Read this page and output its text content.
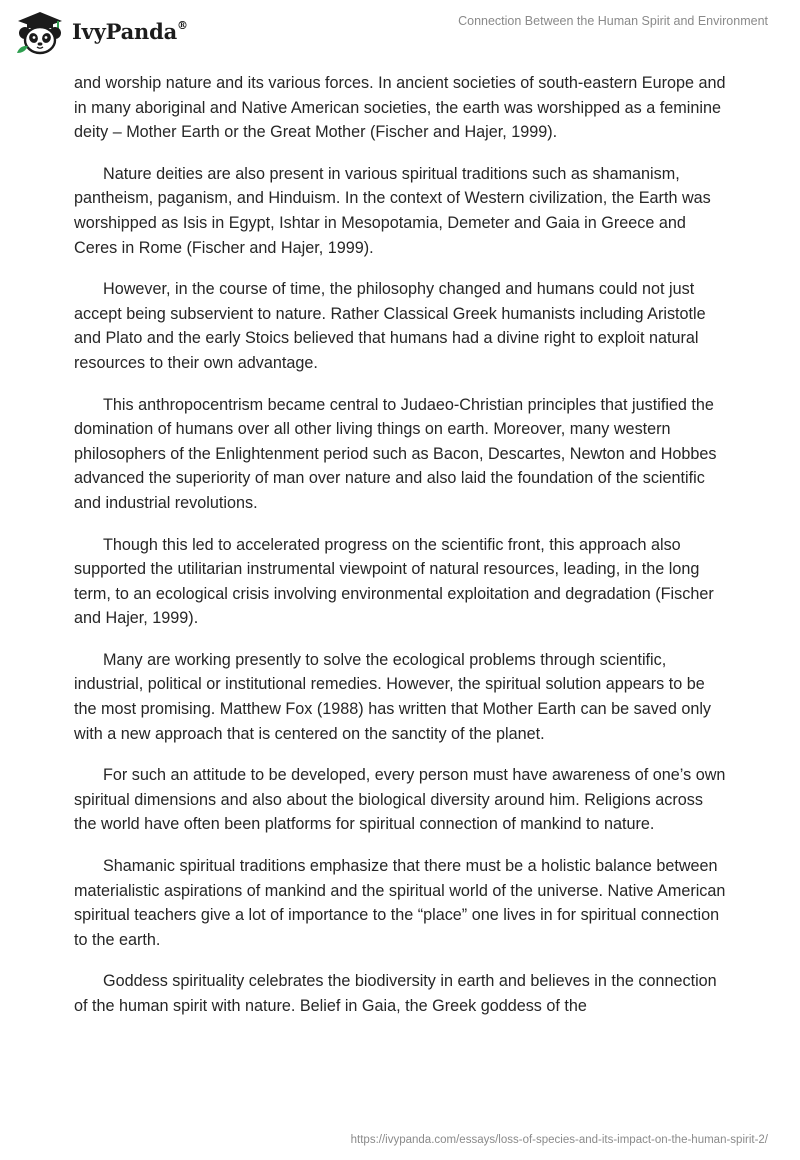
IvyPanda®	Connection Between the Human Spirit and Environment

and worship nature and its various forces. In ancient societies of south-eastern Europe and in many aboriginal and Native American societies, the earth was worshipped as a feminine deity – Mother Earth or the Great Mother (Fischer and Hajer, 1999).

Nature deities are also present in various spiritual traditions such as shamanism, pantheism, paganism, and Hinduism. In the context of Western civilization, the Earth was worshipped as Isis in Egypt, Ishtar in Mesopotamia, Demeter and Gaia in Greece and Ceres in Rome (Fischer and Hajer, 1999).

However, in the course of time, the philosophy changed and humans could not just accept being subservient to nature. Rather Classical Greek humanists including Aristotle and Plato and the early Stoics believed that humans had a divine right to exploit natural resources to their own advantage.

This anthropocentrism became central to Judaeo-Christian principles that justified the domination of humans over all other living things on earth. Moreover, many western philosophers of the Enlightenment period such as Bacon, Descartes, Newton and Hobbes advanced the superiority of man over nature and also laid the foundation of the scientific and industrial revolutions.

Though this led to accelerated progress on the scientific front, this approach also supported the utilitarian instrumental viewpoint of natural resources, leading, in the long term, to an ecological crisis involving environmental exploitation and degradation (Fischer and Hajer, 1999).

Many are working presently to solve the ecological problems through scientific, industrial, political or institutional remedies. However, the spiritual solution appears to be the most promising. Matthew Fox (1988) has written that Mother Earth can be saved only with a new approach that is centered on the sanctity of the planet.

For such an attitude to be developed, every person must have awareness of one’s own spiritual dimensions and also about the biological diversity around him. Religions across the world have often been platforms for spiritual connection of mankind to nature.

Shamanic spiritual traditions emphasize that there must be a holistic balance between materialistic aspirations of mankind and the spiritual world of the universe. Native American spiritual teachers give a lot of importance to the “place” one lives in for spiritual connection to the earth.

Goddess spirituality celebrates the biodiversity in earth and believes in the connection of the human spirit with nature. Belief in Gaia, the Greek goddess of the

https://ivypanda.com/essays/loss-of-species-and-its-impact-on-the-human-spirit-2/
